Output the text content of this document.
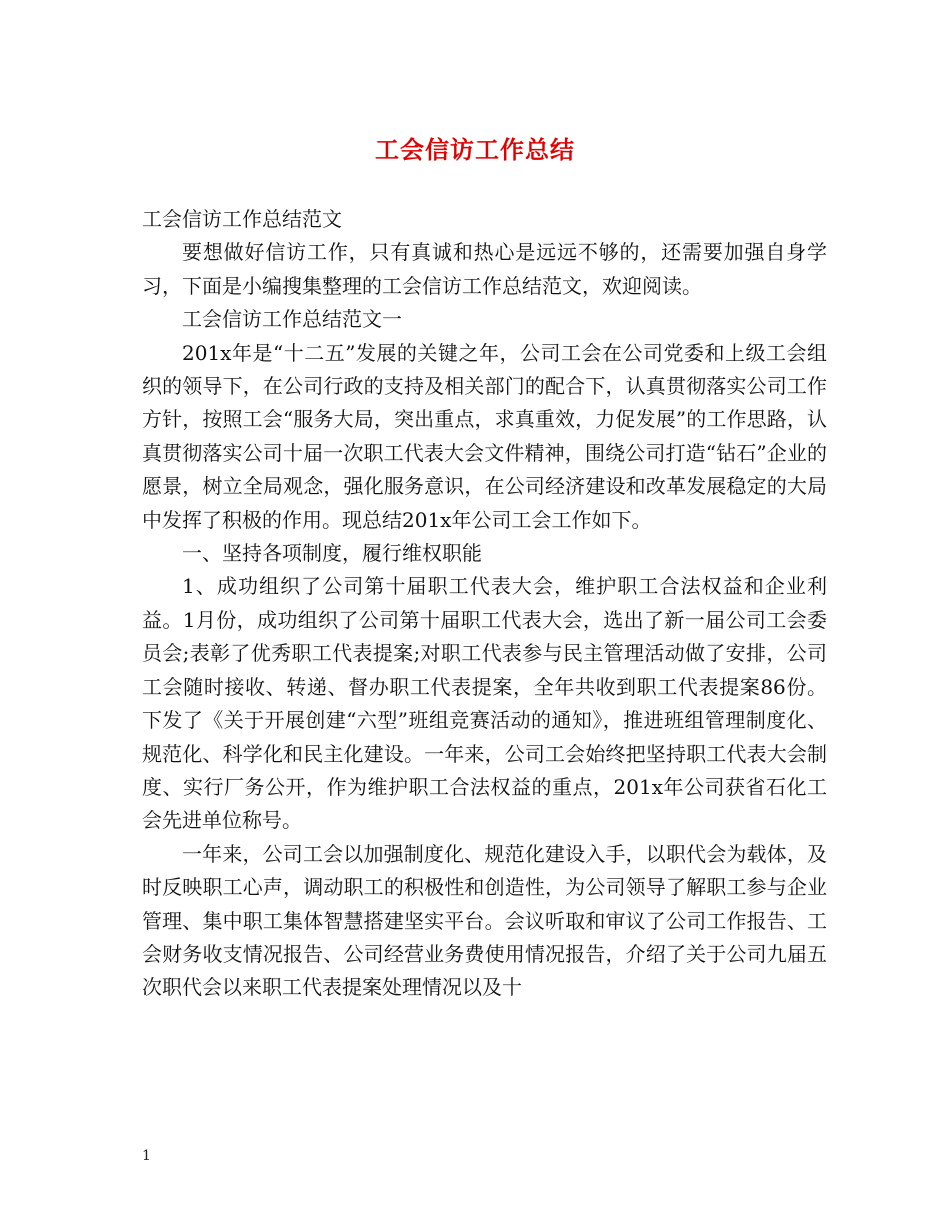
工会信访工作总结

工会信访工作总结范文

要想做好信访工作，只有真诚和热心是远远不够的，还需要加强自身学习，下面是小编搜集整理的工会信访工作总结范文，欢迎阅读。

工会信访工作总结范文一

201x年是“十二五”发展的关键之年，公司工会在公司党委和上级工会组织的领导下，在公司行政的支持及相关部门的配合下，认真贯彻落实公司工作方针，按照工会“服务大局，突出重点，求真重效，力促发展”的工作思路，认真贯彻落实公司十届一次职工代表大会文件精神，围绕公司打造“钻石”企业的愿景，树立全局观念，强化服务意识，在公司经济建设和改革发展稳定的大局中发挥了积极的作用。现总结201x年公司工会工作如下。

一、坚持各项制度，履行维权职能

1、成功组织了公司第十届职工代表大会，维护职工合法权益和企业利益。1月份，成功组织了公司第十届职工代表大会，选出了新一届公司工会委员会;表彰了优秀职工代表提案;对职工代表参与民主管理活动做了安排，公司工会随时接收、转递、督办职工代表提案，全年共收到职工代表提案86份。下发了《关于开展创建“六型”班组竞赛活动的通知》，推进班组管理制度化、规范化、科学化和民主化建设。一年来，公司工会始终把坚持职工代表大会制度、实行厂务公开，作为维护职工合法权益的重点，201x年公司获省石化工会先进单位称号。

一年来，公司工会以加强制度化、规范化建设入手，以职代会为载体，及时反映职工心声，调动职工的积极性和创造性，为公司领导了解职工参与企业管理、集中职工集体智慧搭建坚实平台。会议听取和审议了公司工作报告、工会财务收支情况报告、公司经营业务费使用情况报告，介绍了关于公司九届五次职代会以来职工代表提案处理情况以及十

1
